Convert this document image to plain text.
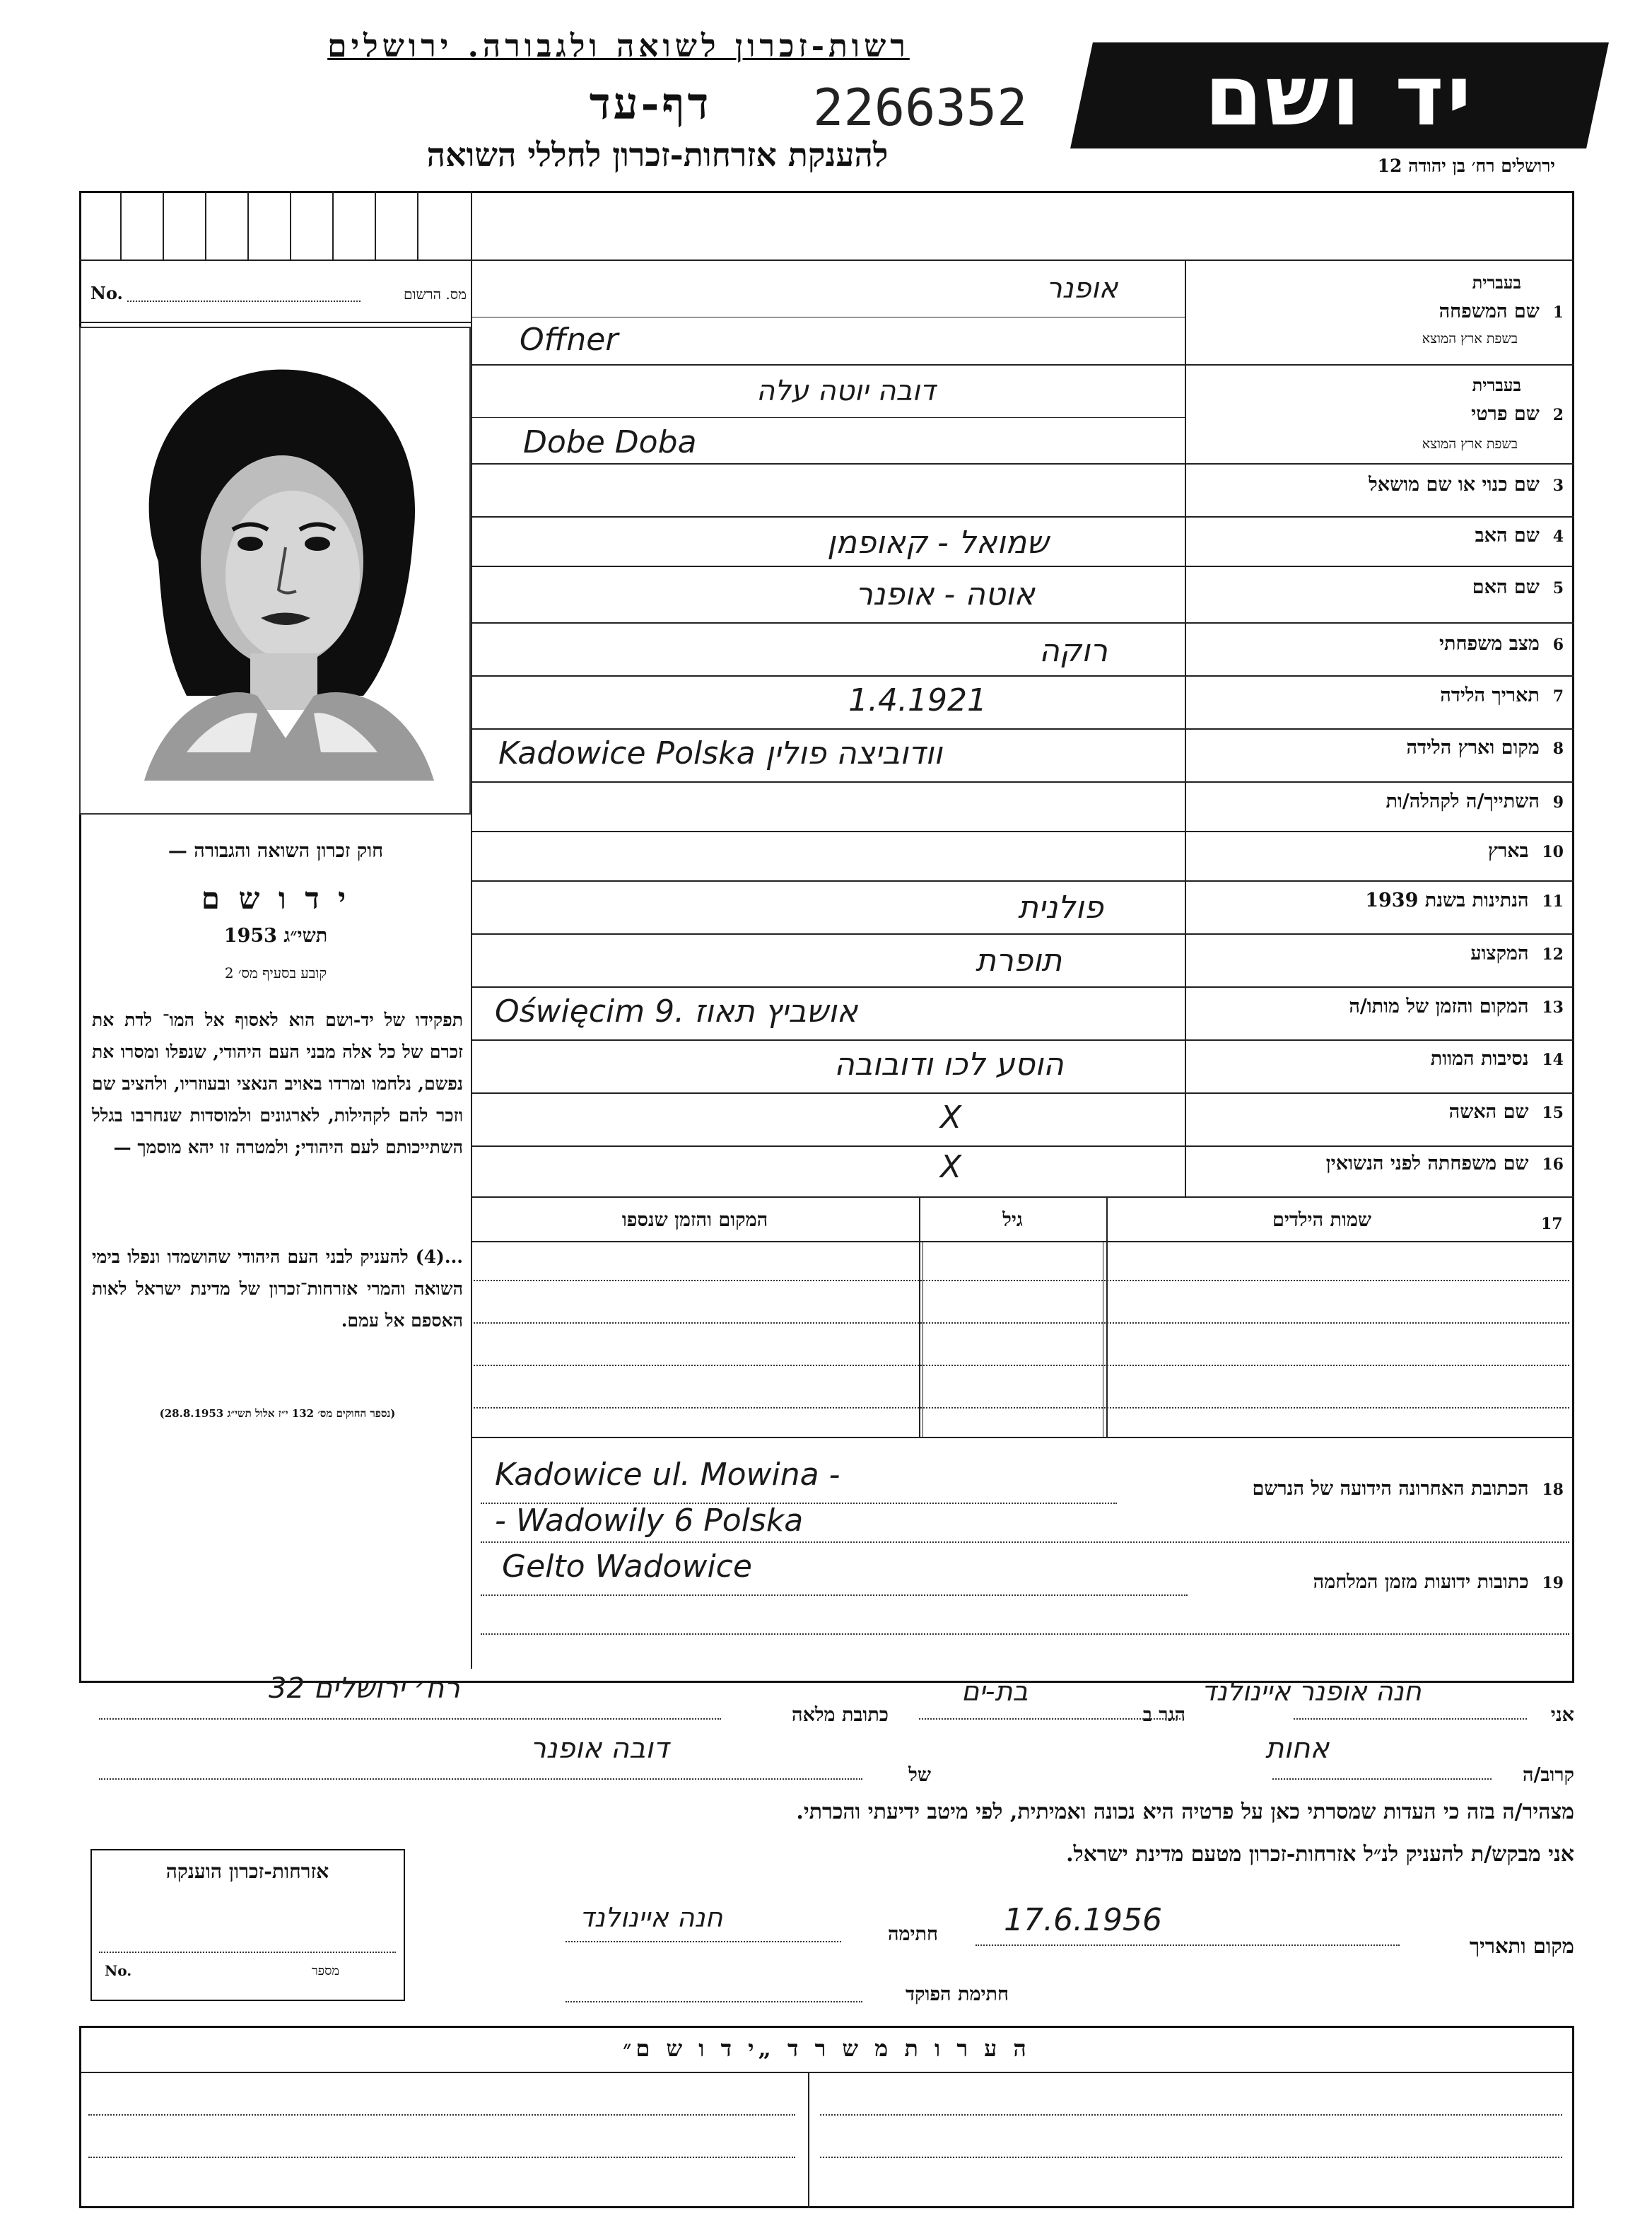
רשות-זכרון לשואה ולגבורה. ירושלים
דף-עד	2266352
להענקת אזרחות-זכרון לחללי השואה
יד ושם
ירושלים רח׳ בן יהודה 12
No.	מס. הרשום
חוק זכרון השואה והגבורה —
י ד ו ש ם
תשי״ג 1953
קובע בסעיף מס׳ 2
תפקידו של יד-ושם הוא לאסוף אל המו־ לדת את זכרם של כל אלה מבני העם היהודי, שנפלו ומסרו את נפשם, נלחמו ומרדו באויב הנאצי ובעוזריו, ולהציב שם וזכר להם לקהילות, לארגונים ולמוסדות שנחרבו בגלל השתייכותם לעם היהודי; ולמטרה זו יהא מוסמך —
...(4) להעניק לבני העם היהודי שהושמדו ונפלו בימי השואה והמרי אזרחות־זכרון של מדינת ישראל לאות האספם אל עמם.
(נספר החוקים מס׳ 132 י״ז אלול תשי״ג 28.8.1953)
1  שם המשפחה
בעברית
בשפת ארץ המוצא
אופנר
Offner
2  שם פרטי
בעברית
בשפת ארץ המוצא
דובה יוטה עלה
Dobe Doba
3  שם כנוי או שם מושאל
4  שם האב
שמואל - קאופמן
5  שם האם
אוטה - אופנר
6  מצב משפחתי
רוקה
7  תאריך הלידה
1.4.1921
8  מקום וארץ הלידה
Kadowice Polska וודוביצה פולין
9  השתייך/ה לקהלה/ות
10  בארץ
11  הנתינות בשנת 1939
פולנית
12  המקצוע
תופרת
13  המקום והזמן של מותו/ה
Oświęcim 9. אושביץ תאוז
14  נסיבות המוות
הוסע לכו ודובובה
15  שם האשה
X
16  שם משפחתה לפני הנשואין
X
17
שמות הילדים
גיל
המקום והזמן שנספו
18  הכתובת האחרונה הידועה של הנרשם
Kadowice ul. Mowina -
- Wadowily 6 Polska
19  כתובות ידועות מזמן המלחמה
Gelto Wadowice
אני
חנה אופנר איינולנד
הגר ב
בת-ים
כתובת מלאה
רח׳ ירושלים 32
קרוב/ה
אחות
של
דובה אופנר
מצהיר/ה בזה כי העדות שמסרתי כאן על פרטיה היא נכונה ואמיתית, לפי מיטב ידיעתי והכרתי.
אני מבקש/ת להעניק לנ״ל אזרחות-זכרון מטעם מדינת ישראל.
מקום ותאריך
17.6.1956
חתימה
חנה איינולנד
חתימת הפוקד
אזרחות-זכרון הוענקה
No.	מספר
ה ע ר ו ת מ ש ר ד „י ד ו ש ם״
